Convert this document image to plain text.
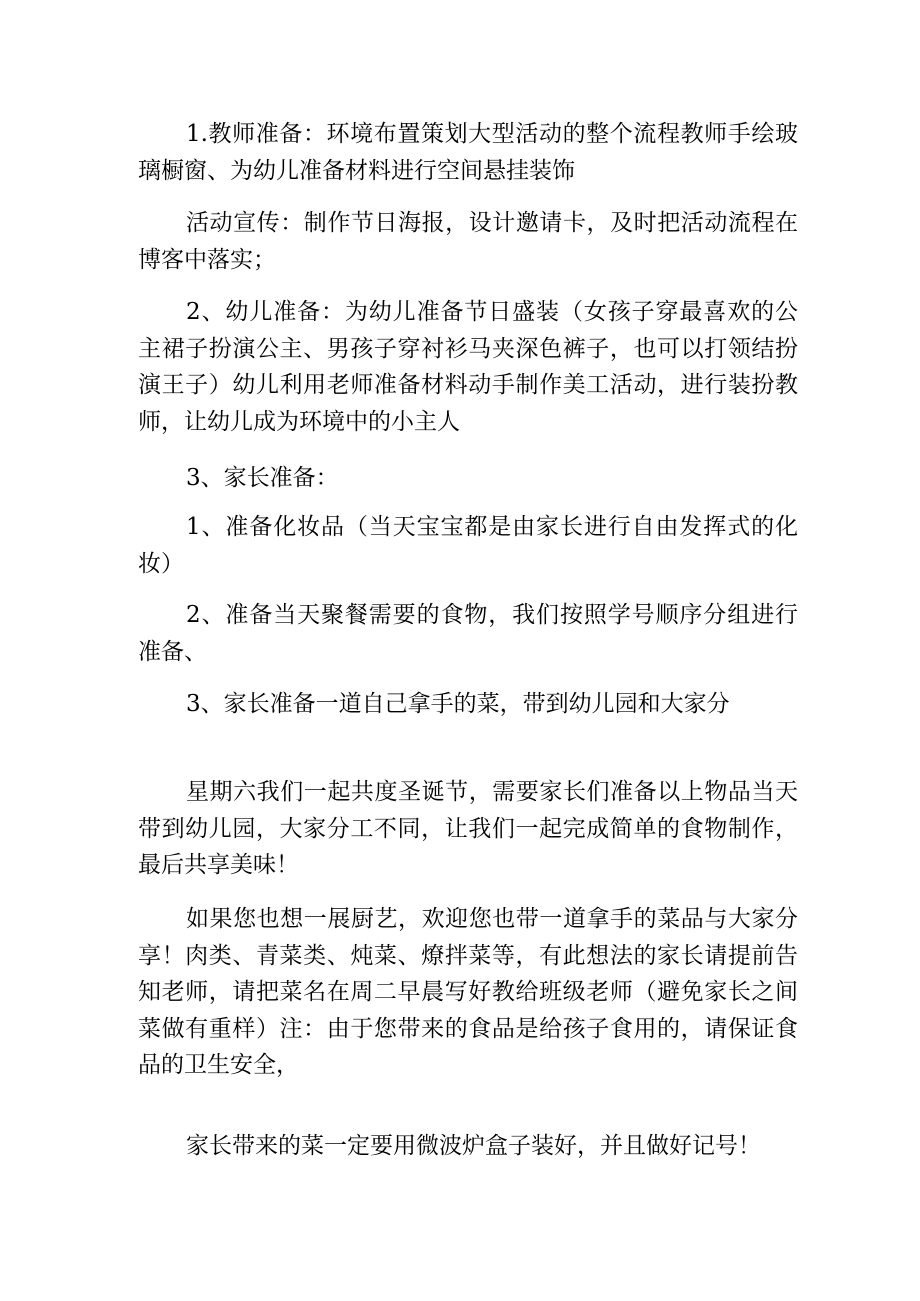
1.教师准备：环境布置策划大型活动的整个流程教师手绘玻璃橱窗、为幼儿准备材料进行空间悬挂装饰

活动宣传：制作节日海报，设计邀请卡，及时把活动流程在博客中落实；

2、幼儿准备：为幼儿准备节日盛装（女孩子穿最喜欢的公主裙子扮演公主、男孩子穿衬衫马夹深色裤子，也可以打领结扮演王子）幼儿利用老师准备材料动手制作美工活动，进行装扮教师，让幼儿成为环境中的小主人

3、家长准备：

1、准备化妆品（当天宝宝都是由家长进行自由发挥式的化妆）

2、准备当天聚餐需要的食物，我们按照学号顺序分组进行准备、

3、家长准备一道自己拿手的菜，带到幼儿园和大家分

星期六我们一起共度圣诞节，需要家长们准备以上物品当天带到幼儿园，大家分工不同，让我们一起完成简单的食物制作，最后共享美味！

如果您也想一展厨艺，欢迎您也带一道拿手的菜品与大家分享！肉类、青菜类、炖菜、燎拌菜等，有此想法的家长请提前告知老师，请把菜名在周二早晨写好教给班级老师（避免家长之间菜做有重样）注：由于您带来的食品是给孩子食用的，请保证食品的卫生安全，

家长带来的菜一定要用微波炉盒子装好，并且做好记号！
